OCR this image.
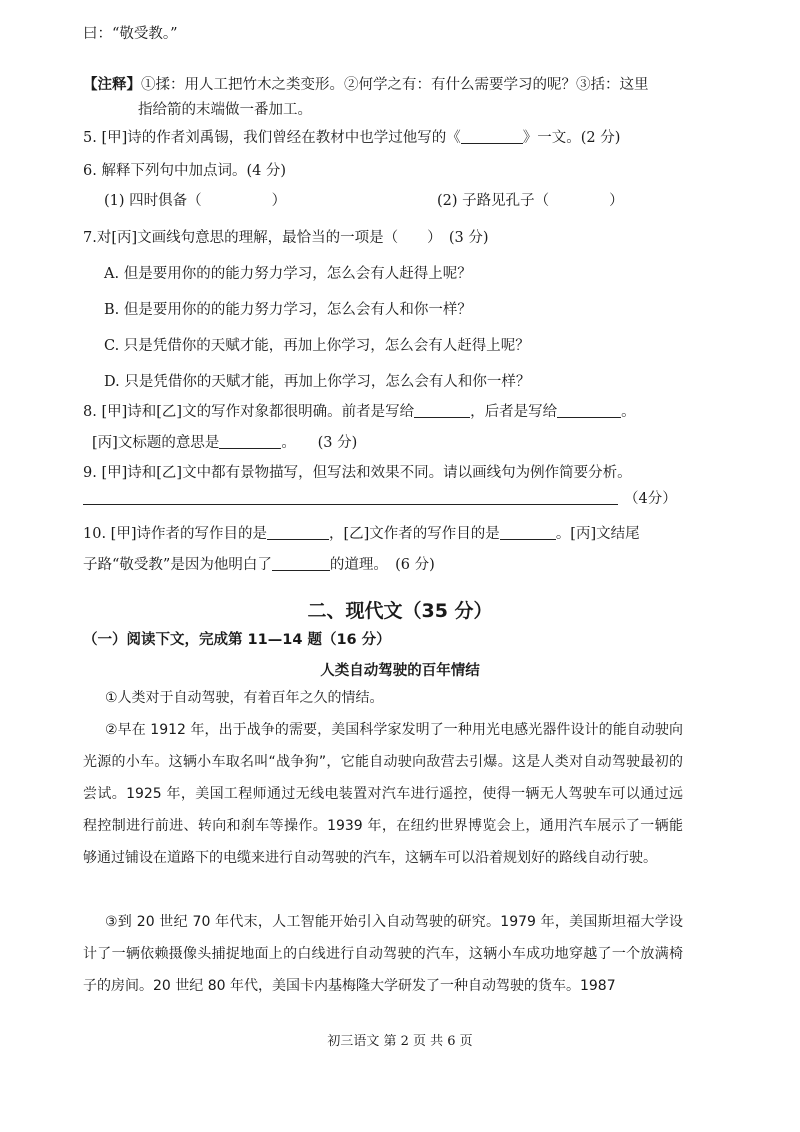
曰：“敬受教。”
【注释】①揉：用人工把竹木之类变形。②何学之有：有什么需要学习的呢？③括：这里
指给箭的末端做一番加工。
5. [甲]诗的作者刘禹锡，我们曾经在教材中也学过他写的《	》一文。(2 分)
6. 解释下列句中加点词。(4 分)
(1) 四时俱备（	）	(2) 子路见孔子（	）
7.对[丙]文画线句意思的理解，最恰当的一项是（　　）　(3 分)
A. 但是要用你的的能力努力学习，怎么会有人赶得上呢？
B. 但是要用你的的能力努力学习，怎么会有人和你一样？
C. 只是凭借你的天赋才能，再加上你学习，怎么会有人赶得上呢？
D. 只是凭借你的天赋才能，再加上你学习，怎么会有人和你一样？
8. [甲]诗和[乙]文的写作对象都很明确。前者是写给	，后者是写给	。
[丙]文标题的意思是	。　　(3 分)
9. [甲]诗和[乙]文中都有景物描写，但写法和效果不同。请以画线句为例作简要分析。
（4分）
10. [甲]诗作者的写作目的是	，[乙]文作者的写作目的是	。[丙]文结尾
子路“敬受教”是因为他明白了	的道理。　(6 分)
二、现代文（35 分）
（一）阅读下文，完成第 11—14 题（16 分）
人类自动驾驶的百年情结
①人类对于自动驾驶，有着百年之久的情结。
②早在 1912 年，出于战争的需要，美国科学家发明了一种用光电感光器件设计的能自动驶向光源的小车。这辆小车取名叫“战争狗”，它能自动驶向敌营去引爆。这是人类对自动驾驶最初的尝试。1925 年，美国工程师通过无线电装置对汽车进行遥控，使得一辆无人驾驶车可以通过远程控制进行前进、转向和刹车等操作。1939 年，在纽约世界博览会上，通用汽车展示了一辆能够通过铺设在道路下的电缆来进行自动驾驶的汽车，这辆车可以沿着规划好的路线自动行驶。
③到 20 世纪 70 年代末，人工智能开始引入自动驾驶的研究。1979 年，美国斯坦福大学设计了一辆依赖摄像头捕捉地面上的白线进行自动驾驶的汽车，这辆小车成功地穿越了一个放满椅子的房间。20 世纪 80 年代，美国卡内基梅隆大学研发了一种自动驾驶的货车。1987
初三语文 第 2 页 共 6 页
